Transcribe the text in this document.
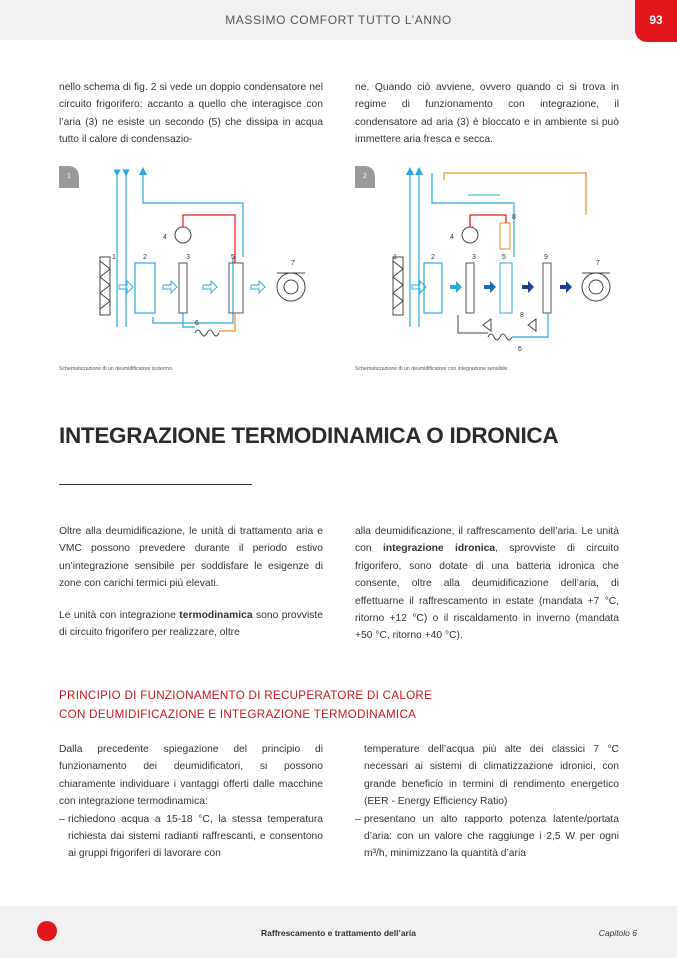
MASSIMO COMFORT TUTTO L’ANNO	93

nello schema di fig. 2 si vede un doppio condensatore nel circuito frigorifero: accanto a quello che interagisce con l’aria (3) ne esiste un secondo (5) che dissipa in acqua tutto il calore di condensazio-

ne. Quando ciò avviene, ovvero quando ci si trova in regime di funzionamento con integrazione, il condensatore ad aria (3) è bloccato e in ambiente si può immettere aria fresca e secca.

1
1	2	3
4
5
6
7
Schematizzazione di un deumidificatore isotermo.
2
1	2	3
4
5
6
7
8
8
9
Schematizzazione di un deumidificatore con integrazione sensibile.
INTEGRAZIONE TERMODINAMICA O IDRONICA

Oltre alla deumidificazione, le unità di trattamento aria e VMC possono prevedere durante il periodo estivo un’integrazione sensibile per soddisfare le esigenze di zone con carichi termici più elevati.

Le unità con integrazione termodinamica sono provviste di circuito frigorifero per realizzare, oltre

alla deumidificazione, il raffrescamento dell’aria. Le unità con integrazione idronica, sprovviste di circuito frigorifero, sono dotate di una batteria idronica che consente, oltre alla deumidificazione dell’aria, di effettuarne il raffrescamento in estate (mandata +7 °C, ritorno +12 °C) o il riscaldamento in inverno (mandata +50 °C, ritorno +40 °C).

PRINCIPIO DI FUNZIONAMENTO DI RECUPERATORE DI CALORE
CON DEUMIDIFICAZIONE E INTEGRAZIONE TERMODINAMICA

Dalla precedente spiegazione del principio di funzionamento dei deumidificatori, si possono chiaramente individuare i vantaggi offerti dalle macchine con integrazione termodinamica:

– richiedono acqua a 15-18 °C, la stessa temperatura richiesta dai sistemi radianti raffrescanti, e consentono ai gruppi frigoriferi di lavorare con

temperature dell’acqua più alte dei classici 7 °C necessari ai sistemi di climatizzazione idronici, con grande beneficio in termini di rendimento energetico (EER - Energy Efficiency Ratio)

– presentano un alto rapporto potenza latente/portata d’aria: con un valore che raggiunge i 2,5 W per ogni m³/h, minimizzano la quantità d’aria
Raffrescamento e trattamento dell’aria	Capitolo 6
